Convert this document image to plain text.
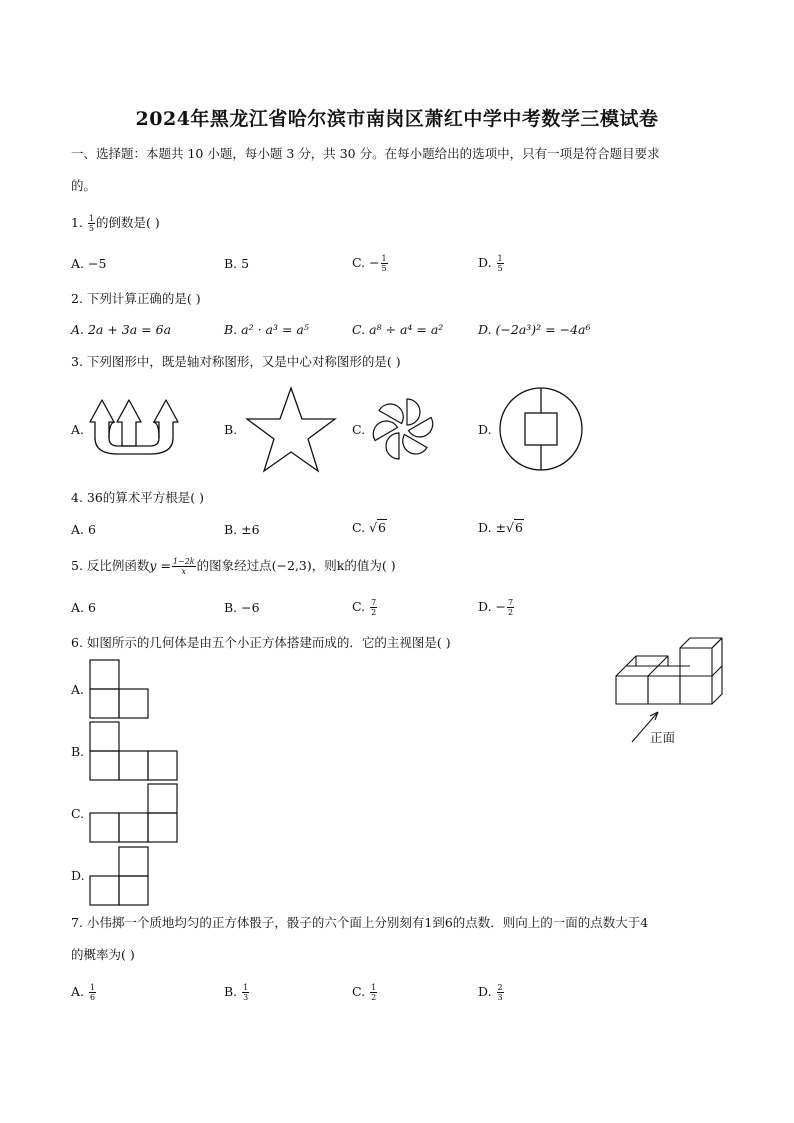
2024年黑龙江省哈尔滨市南岗区萧红中学中考数学三模试卷
一、选择题：本题共 10 小题，每小题 3 分，共 30 分。在每小题给出的选项中，只有一项是符合题目要求
的。
1. $\frac{1}{5}$ 的倒数是( )
A. −5	B. 5	C. − $\frac{1}{5}$	D. $\frac{1}{5}$
2. 下列计算正确的是( )
A. 2a + 3a = 6a	B. a² · a³ = a⁵	C. a⁸ ÷ a⁴ = a²	D. (−2a³)² = −4a⁶
3. 下列图形中，既是轴对称图形，又是中心对称图形的是( )
A.	B.	C.	D.
4. 36的算术平方根是( )
A. 6	B. ±6	C. √6	D. ±√6
5. 反比例函数$y = \frac{1-2k}{x}$ 的图象经过点(−2,3)，则k的值为( )
A. 6	B. −6	C. $\frac{7}{2}$	D. − $\frac{7}{2}$
6. 如图所示的几何体是由五个小正方体搭建而成的．它的主视图是( )
A.
B.
C.
D.
正面
7. 小伟掷一个质地均匀的正方体骰子，骰子的六个面上分别刻有1到6的点数．则向上的一面的点数大于4
的概率为( )
A. $\frac{1}{6}$	B. $\frac{1}{3}$	C. $\frac{1}{2}$	D. $\frac{2}{3}$
